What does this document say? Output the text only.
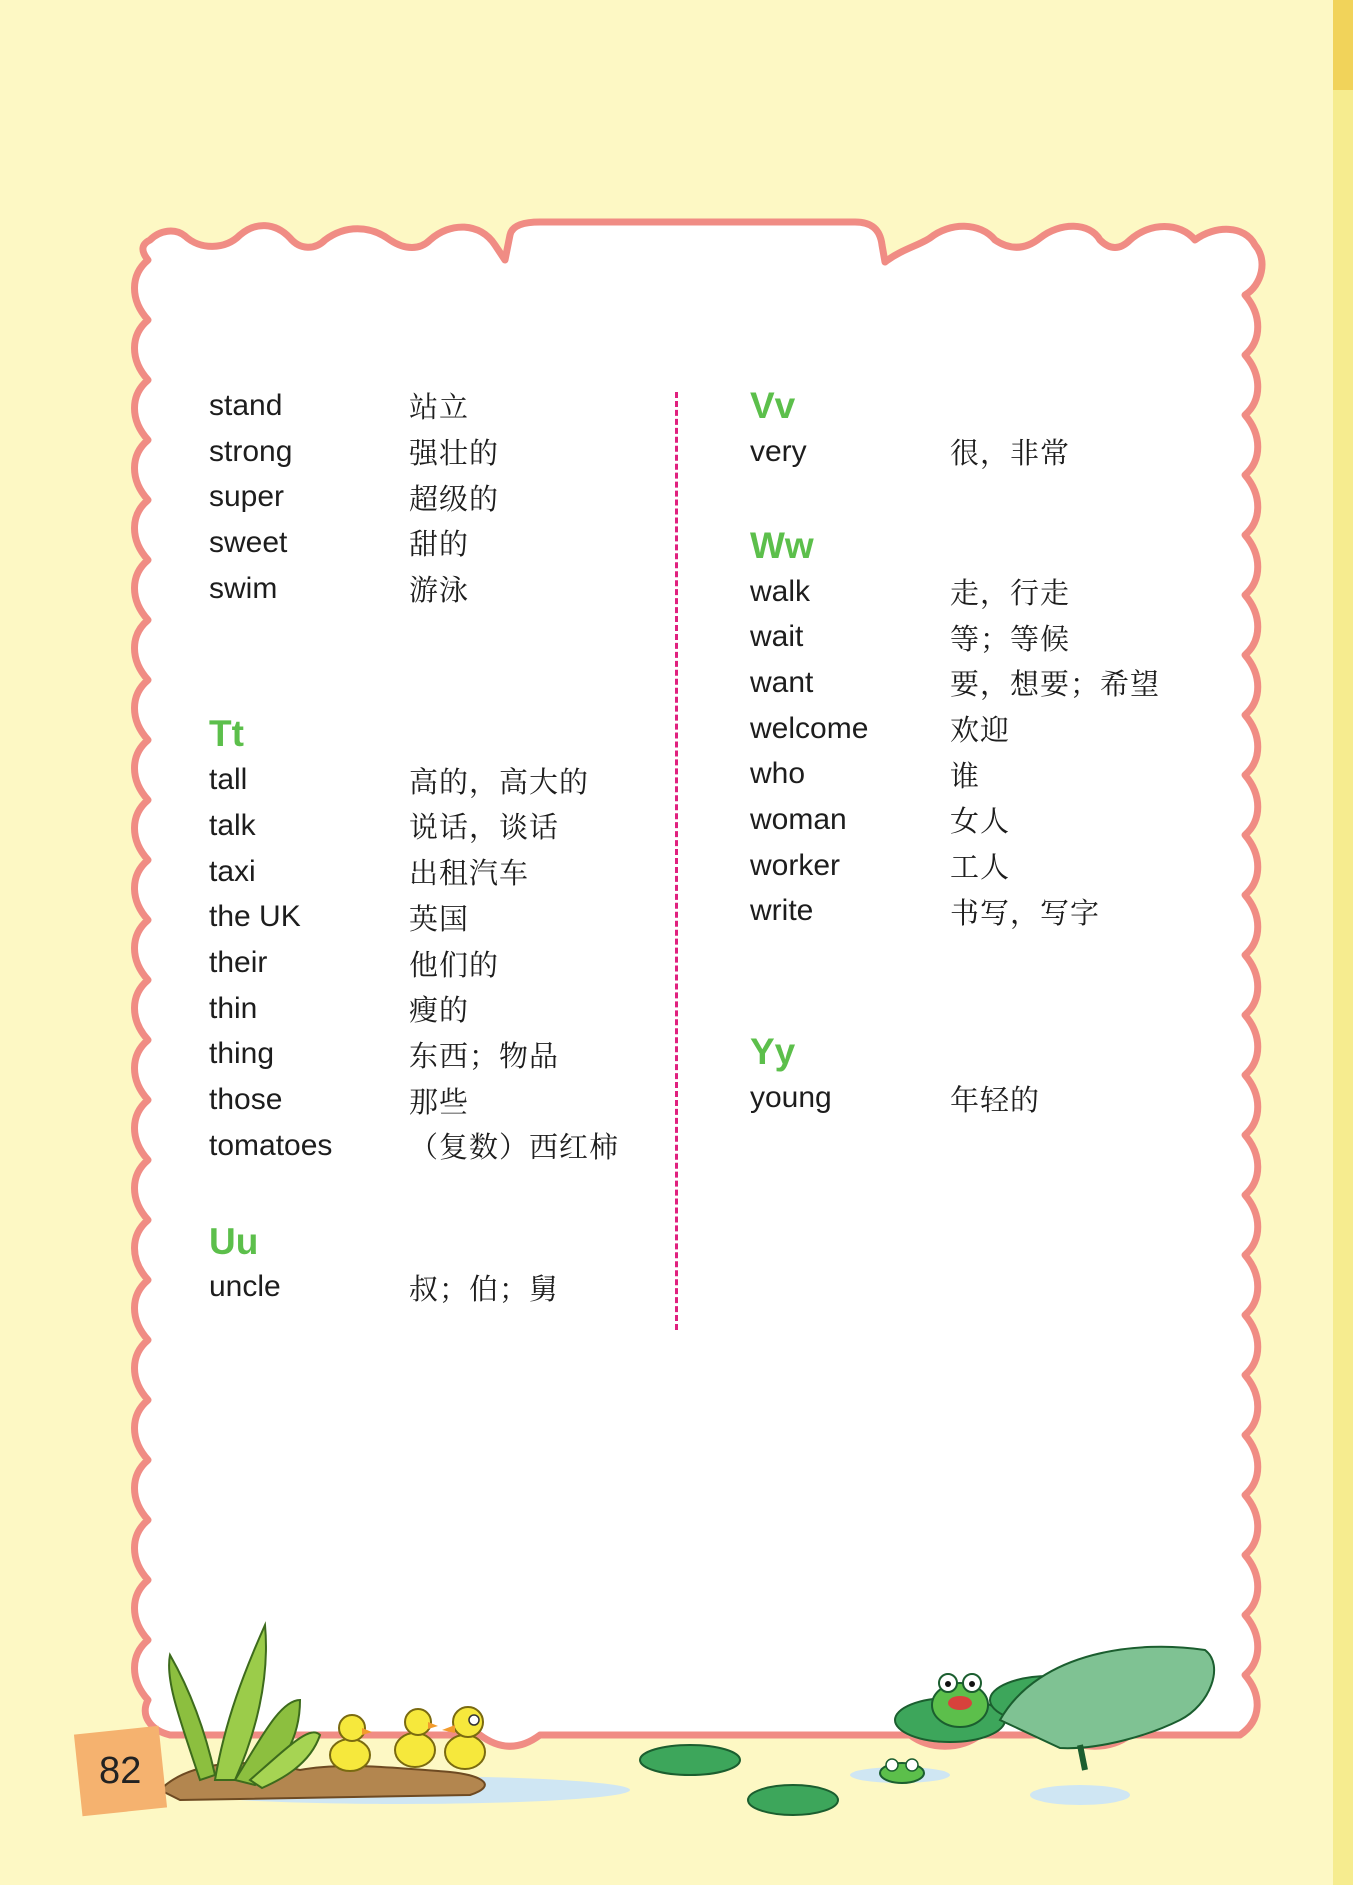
stand	站立
strong	强壮的
super	超级的
sweet	甜的
swim	游泳
Tt
tall	高的，高大的
talk	说话，谈话
taxi	出租汽车
the UK	英国
their	他们的
thin	瘦的
thing	东西；物品
those	那些
tomatoes	（复数）西红柿
Uu
uncle	叔；伯；舅
Vv
very	很，非常
Ww
walk	走，行走
wait	等；等候
want	要，想要；希望
welcome	欢迎
who	谁
woman	女人
worker	工人
write	书写，写字
Yy
young	年轻的
82
